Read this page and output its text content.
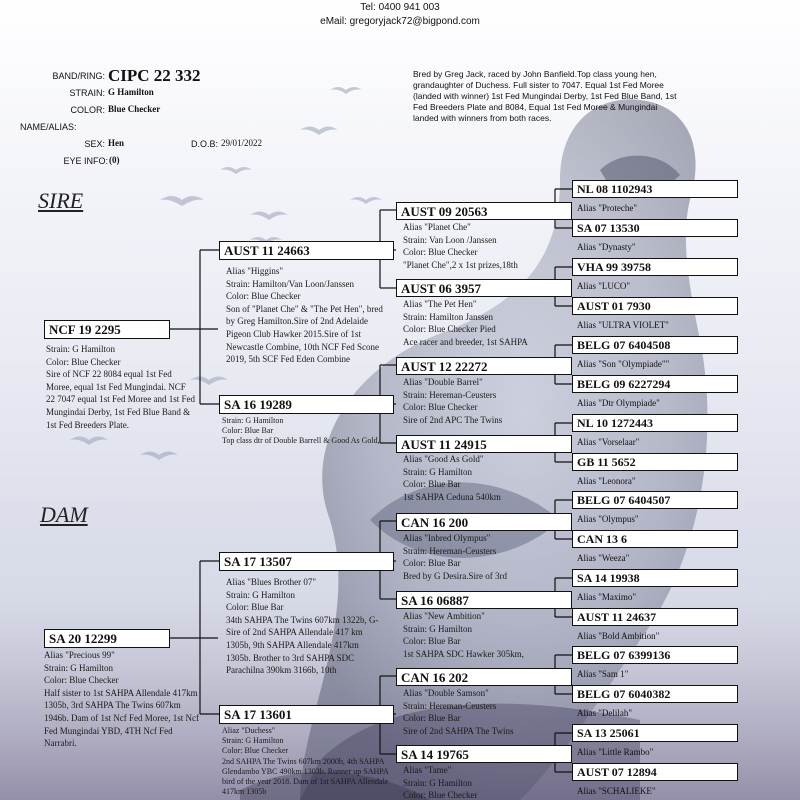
Tel: 0400 941 003
eMail: gregoryjack72@bigpond.com
BAND/RING: CIPC 22 332
STRAIN: G Hamilton
COLOR: Blue Checker
NAME/ALIAS:
SEX: Hen	D.O.B: 29/01/2022
EYE INFO: (0)
Bred by Greg Jack, raced by John Banfield.Top class young hen, grandaughter of Duchess. Full sister to 7047. Equal 1st Fed Moree (landed with winner) 1st Fed Mungindai Derby, 1st Fed Blue Band, 1st Fed Breeders Plate and 8084, Equal 1st Fed Moree & Mungindai landed with winners from both races.
SIRE
DAM
NCF 19 2295
Strain: G Hamilton
Color: Blue Checker
Sire of NCF 22 8084 equal 1st Fed Moree, equal 1st Fed Mungindai. NCF 22 7047 equal 1st Fed Moree and 1st Fed Mungindai Derby, 1st Fed Blue Band & 1st Fed Breeders Plate.
SA 20 12299
Alias "Precious 99"
Strain: G Hamilton
Color: Blue Checker
Half sister to 1st SAHPA Allendale 417km 1305b, 3rd SAHPA The Twins 607km 1946b. Dam of 1st Ncf Fed Moree, 1st Ncf Fed Mungindai YBD, 4TH Ncf Fed Narrabri.
AUST 11 24663
Alias "Higgins"
Strain: Hamilton/Van Loon/Janssen
Color: Blue Checker
Son of "Planet Che" & "The Pet Hen", bred by Greg Hamilton.Sire of 2nd Adelaide Pigeon Club Hawker 2015.Sire of 1st Newcastle Combine, 10th NCF Fed Scone 2019, 5th SCF Fed Eden Combine
SA 16 19289
Strain: G Hamilton
Color: Blue Bar
Top class dtr of Double Barrell & Good As Gold,
SA 17 13507
Alias "Blues Brother 07"
Strain: G Hamilton
Color: Blue Bar
34th SAHPA The Twins 607km 1322b, G-Sire of 2nd SAHPA Allendale 417 km 1305b, 9th SAHPA Allendale 417km 1305b. Brother to 3rd SAHPA SDC Parachilna 390km 3166b, 10th
SA 17 13601
Aliaz "Duchess"
Strain: G Hamilton
Color: Blue Checker
2nd SAHPA The Twins 607km 2000b, 4th SAHPA Glendambo YBC 490km 1303b. Runner up SAHPA bird of the year 2018. Dam of 1st SAHPA Allendale 417km 1305b
AUST 09 20563
Alias "Planet Che"
Strain: Van Loon /Janssen
Color: Blue Checker
"Planet Che",2 x 1st prizes,18th
AUST 06 3957
Alias "The Pet Hen"
Strain: Hamilton Janssen
Color: Blue Checker Pied
Ace racer and breeder, 1st SAHPA
AUST 12 22272
Alias "Double Barrel"
Strain: Hereman-Ceusters
Color: Blue Checker
Sire of 2nd APC The Twins
AUST 11 24915
Alias "Good As Gold"
Strain: G Hamilton
Color: Blue Bar
1st SAHPA Ceduna 540km
CAN 16 200
Alias "Inbred Olympus"
Strain: Hereman-Ceusters
Color: Blue Bar
Bred by G Desira.Sire of 3rd
SA 16 06887
Alias "New Ambition"
Strain: G Hamilton
Color: Blue Bar
1st SAHPA SDC Hawker 305km,
CAN 16 202
Alias "Double Samson"
Strain: Hereman-Ceusters
Color: Blue Bar
Sire of 2nd SAHPA The Twins
SA 14 19765
Alias "Tame"
Strain: G Hamilton
Color: Blue Checker
NL 08 1102943
Alias "Proteche"
SA 07 13530
Alias "Dynasty"
VHA 99 39758
Alias "LUCO"
AUST 01 7930
Alias "ULTRA VIOLET"
BELG 07 6404508
Alias "Son "Olympiade""
BELG 09 6227294
Alias "Dtr Olympiade"
NL 10 1272443
Alias "Vorselaar"
GB 11 5652
Alias "Leonora"
BELG 07 6404507
Alias "Olympus"
CAN 13 6
Alias "Weeza"
SA 14 19938
Alias "Maximo"
AUST 11 24637
Alias "Bold Ambition"
BELG 07 6399136
Alias "Sam 1"
BELG 07 6040382
Alias "Delilah"
SA 13 25061
Alias "Little Rambo"
AUST 07 12894
Alias "SCHALIEKE"
